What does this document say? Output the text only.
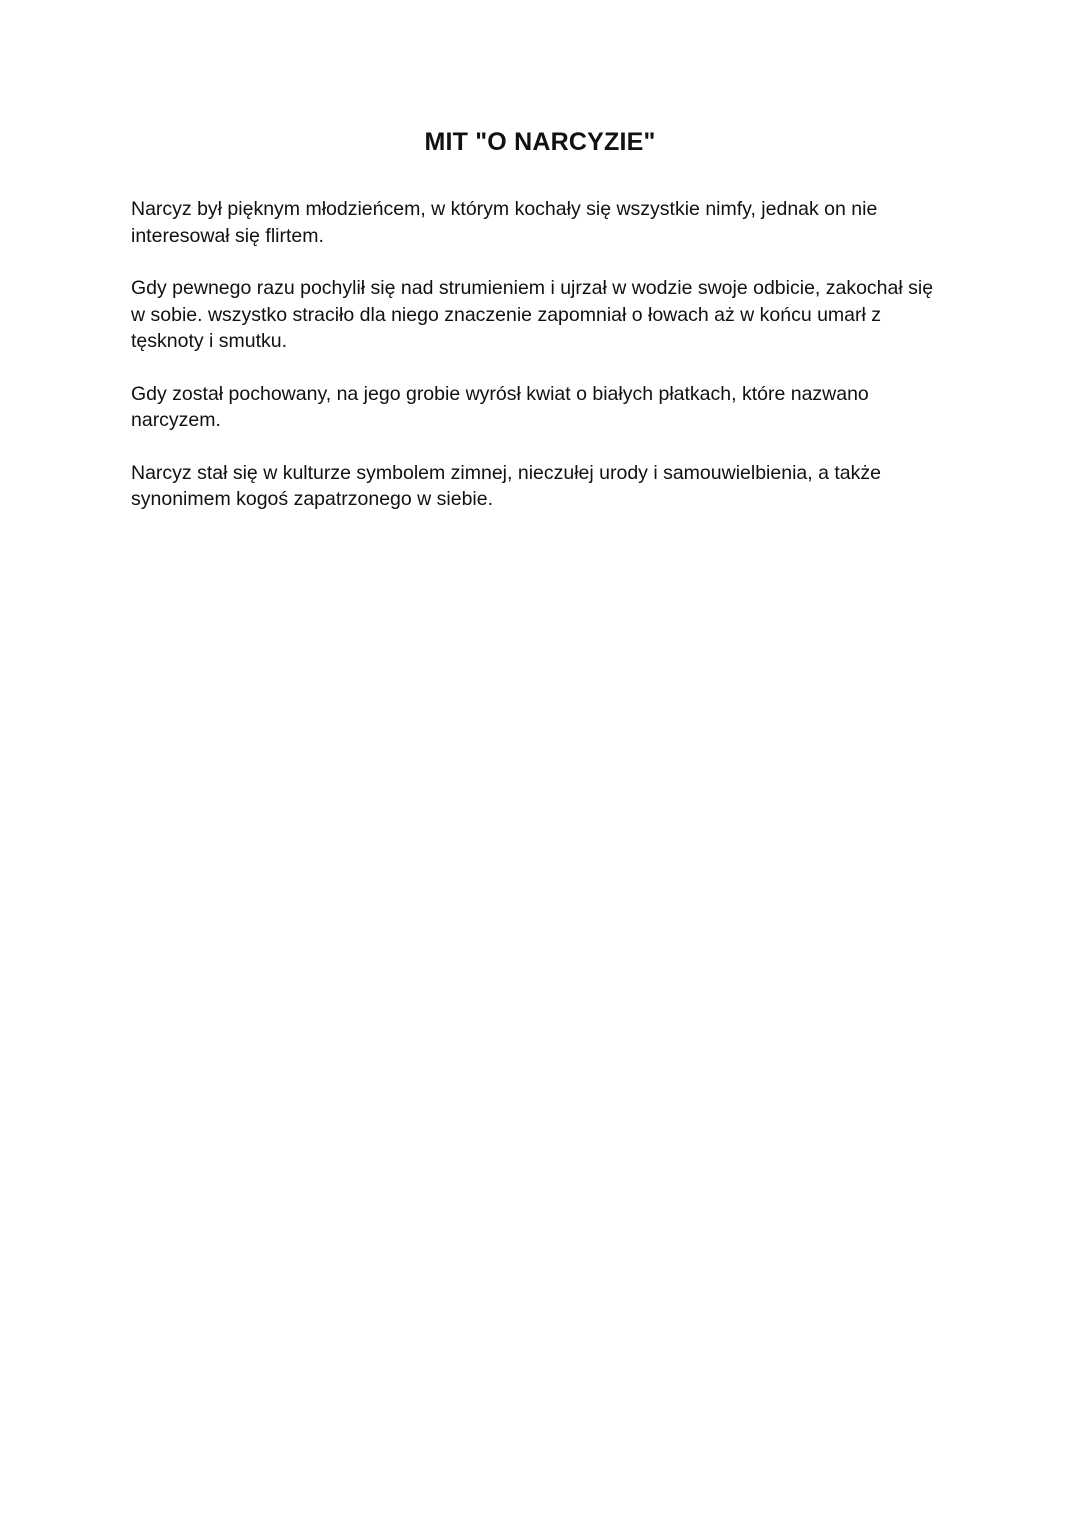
MIT "O NARCYZIE"

Narcyz był pięknym młodzieńcem, w którym kochały się wszystkie nimfy, jednak on nie interesował się flirtem.

Gdy pewnego razu pochylił się nad strumieniem i ujrzał w wodzie swoje odbicie, zakochał się w sobie. wszystko straciło dla niego znaczenie zapomniał o łowach aż w końcu umarł z tęsknoty i smutku.

Gdy został pochowany, na jego grobie wyrósł kwiat o białych płatkach, które nazwano narcyzem.

Narcyz stał się w kulturze symbolem zimnej, nieczułej urody i samouwielbienia, a także synonimem kogoś zapatrzonego w siebie.
